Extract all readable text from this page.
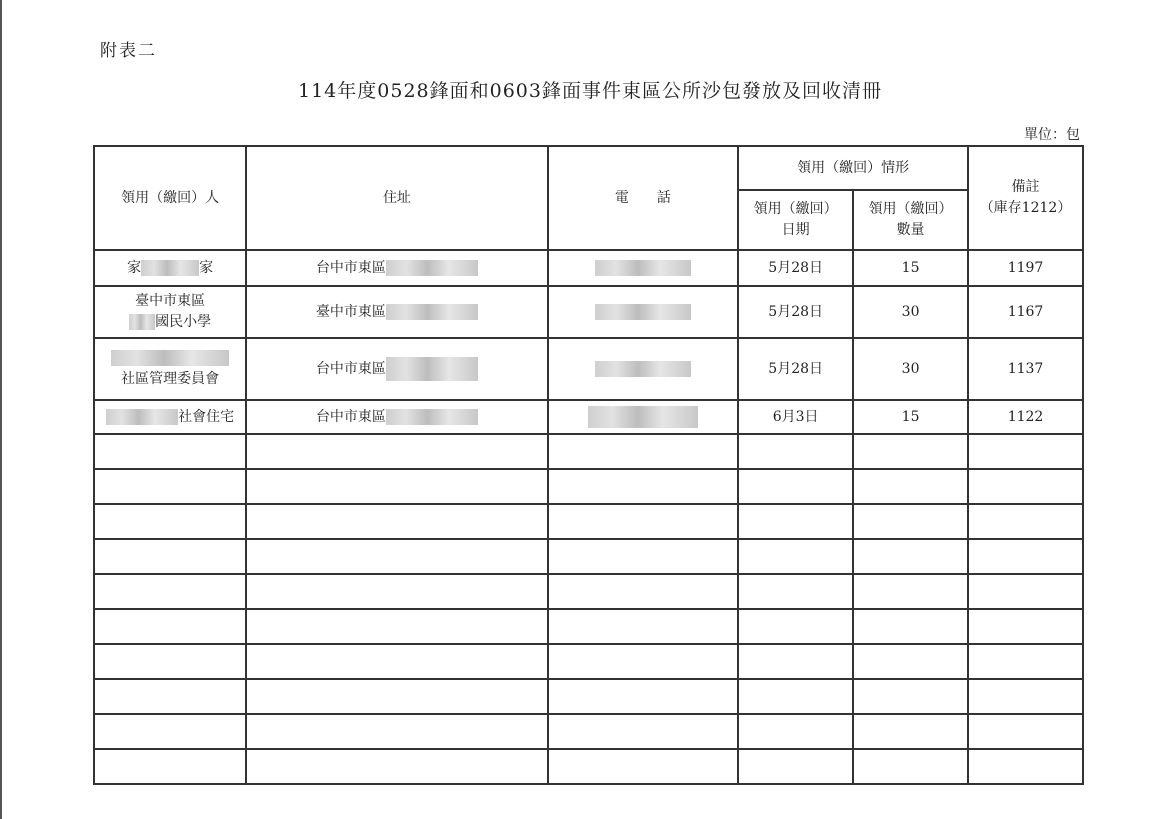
附表二
114年度0528鋒面和0603鋒面事件東區公所沙包發放及回收清冊
單位：包
領用（繳回）人	住址	電　　話	領用（繳回）情形		備註
（庫存1212）
			領用（繳回）日期	領用（繳回）數量	
家 家	台中市東區		5月28日	15	1197
臺中市東區
國民小學	臺中市東區		5月28日	30	1167

社區管理委員會	台中市東區		5月28日	30	1137
社會住宅	台中市東區		6月3日	15	1122
